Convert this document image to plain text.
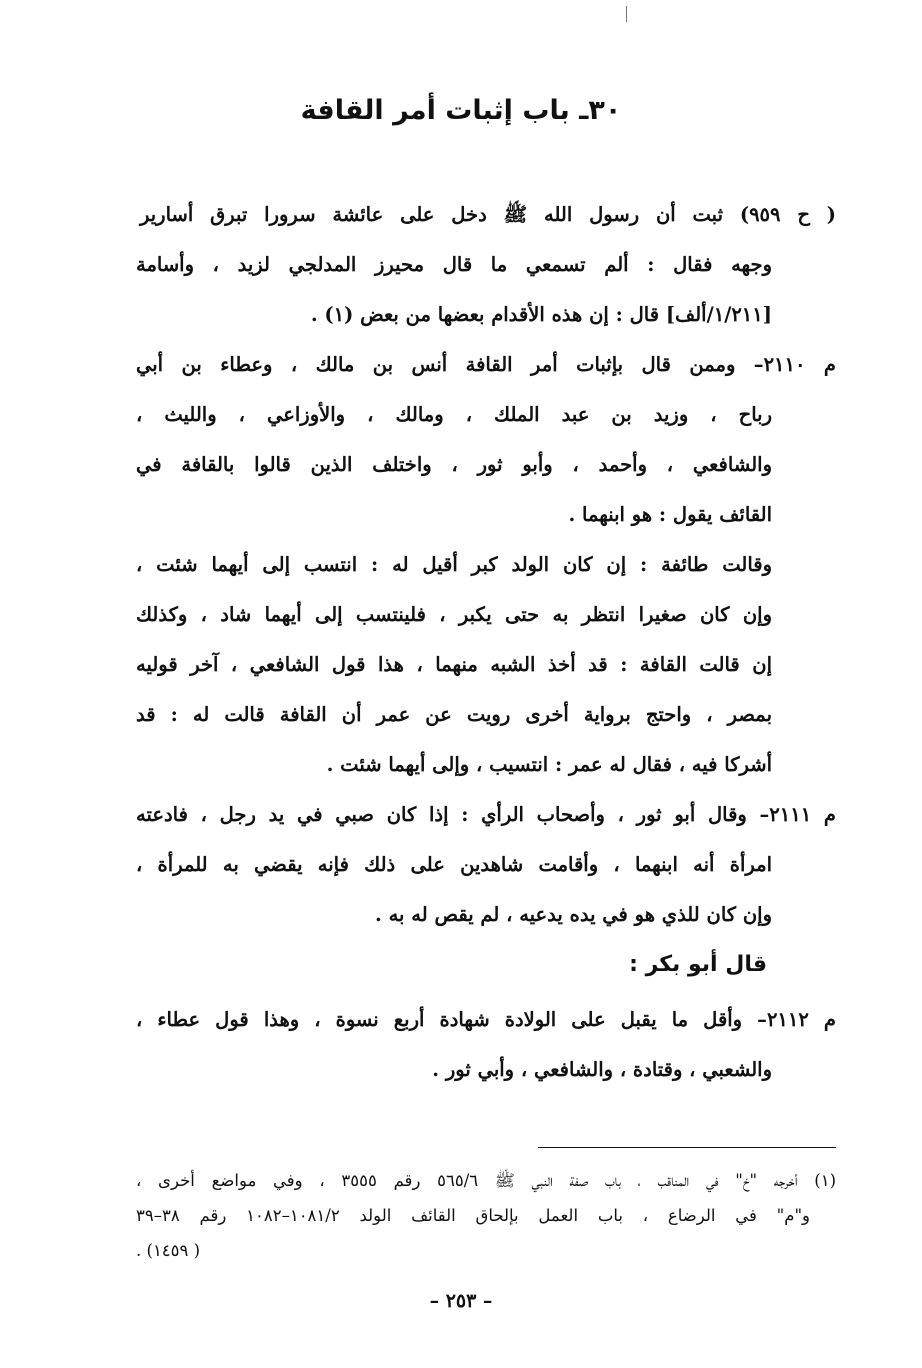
٣٠ـ باب إثبات أمر القافة
( ح ٩٥٩) ثبت أن رسول الله ﷺ دخل على عائشة سرورا تبرق أسارير
وجهه فقال : ألم تسمعي ما قال محيرز المدلجي لزيد ، وأسامة
[١/٢١١/ألف] قال : إن هذه الأقدام بعضها من بعض (١) .
م ٢١١٠– وممن قال بإثبات أمر القافة أنس بن مالك ، وعطاء بن أبي
رباح ، وزيد بن عبد الملك ، ومالك ، والأوزاعي ، والليث ،
والشافعي ، وأحمد ، وأبو ثور ، واختلف الذين قالوا بالقافة في
القائف يقول : هو ابنهما .
وقالت طائفة : إن كان الولد كبر أقيل له : انتسب إلى أيهما شئت ،
وإن كان صغيرا انتظر به حتى يكبر ، فلينتسب إلى أيهما شاد ، وكذلك
إن قالت القافة : قد أخذ الشبه منهما ، هذا قول الشافعي ، آخر قوليه
بمصر ، واحتج برواية أخرى رويت عن عمر أن القافة قالت له : قد
أشركا فيه ، فقال له عمر : انتسيب ، وإلى أيهما شئت .
م ٢١١١– وقال أبو ثور ، وأصحاب الرأي : إذا كان صبي في يد رجل ، فادعته
امرأة أنه ابنهما ، وأقامت شاهدين على ذلك فإنه يقضي به للمرأة ،
وإن كان للذي هو في يده يدعيه ، لم يقص له به .
قال أبو بكر :
م ٢١١٢– وأقل ما يقبل على الولادة شهادة أربع نسوة ، وهذا قول عطاء ،
والشعبي ، وقتادة ، والشافعي ، وأبي ثور .
(١) أخرجه "خ" في المناقب ، باب صفة النبي ﷺ ٥٦٥/٦ رقم ٣٥٥٥ ، وفي مواضع أخرى ،
و"م" في الرضاع ، باب العمل بإلحاق القائف الولد ١٠٨١/٢–١٠٨٢ رقم ٣٨–٣٩
( ١٤٥٩) .
– ٢٥٣ –
